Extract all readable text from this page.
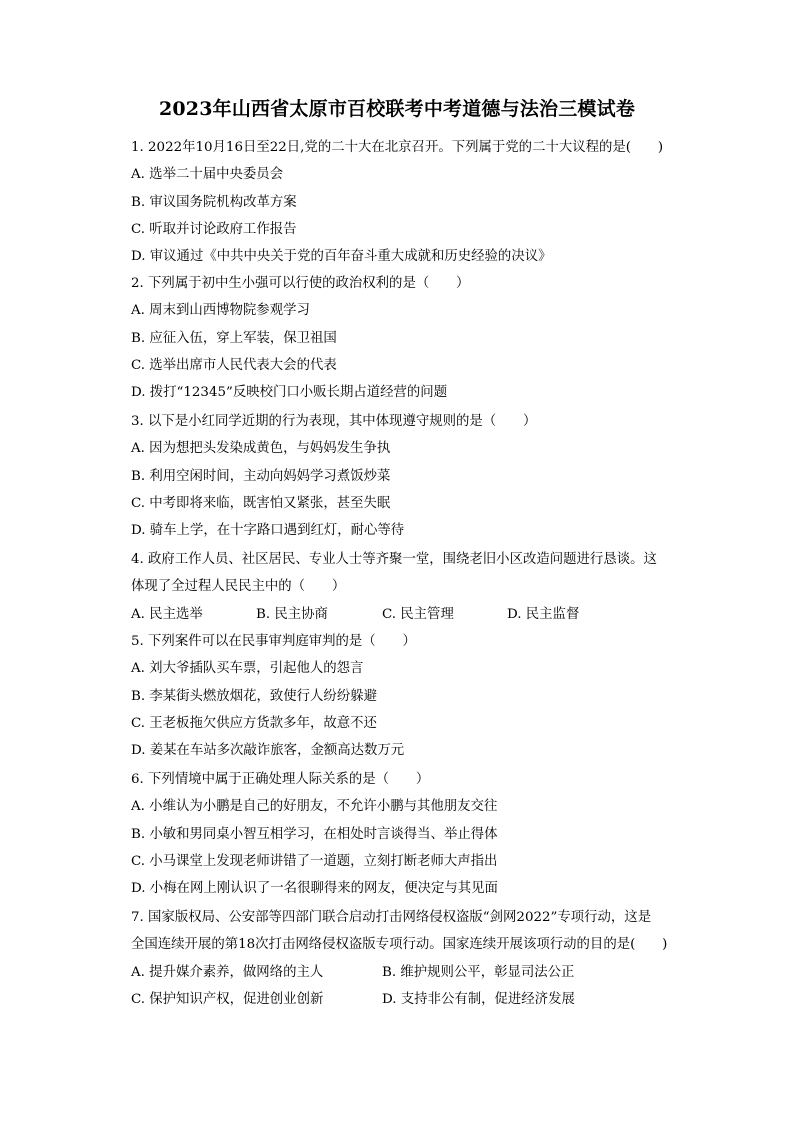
2023年山西省太原市百校联考中考道德与法治三模试卷
1. 2022年10月16日至22日,党的二十大在北京召开。下列属于党的二十大议程的是(　　)
A. 选举二十届中央委员会
B. 审议国务院机构改革方案
C. 听取并讨论政府工作报告
D. 审议通过《中共中央关于党的百年奋斗重大成就和历史经验的决议》
2. 下列属于初中生小强可以行使的政治权利的是（　　）
A. 周末到山西博物院参观学习
B. 应征入伍，穿上军装，保卫祖国
C. 选举出席市人民代表大会的代表
D. 拨打“12345”反映校门口小贩长期占道经营的问题
3. 以下是小红同学近期的行为表现，其中体现遵守规则的是（　　）
A. 因为想把头发染成黄色，与妈妈发生争执
B. 利用空闲时间，主动向妈妈学习煮饭炒菜
C. 中考即将来临，既害怕又紧张，甚至失眠
D. 骑车上学，在十字路口遇到红灯，耐心等待
4. 政府工作人员、社区居民、专业人士等齐聚一堂，围绕老旧小区改造问题进行恳谈。这
体现了全过程人民民主中的（　　）
A. 民主选举	B. 民主协商	C. 民主管理	D. 民主监督
5. 下列案件可以在民事审判庭审判的是（　　）
A. 刘大爷插队买车票，引起他人的怨言
B. 李某街头燃放烟花，致使行人纷纷躲避
C. 王老板拖欠供应方货款多年，故意不还
D. 姜某在车站多次敲诈旅客，金额高达数万元
6. 下列情境中属于正确处理人际关系的是（　　）
A. 小维认为小鹏是自己的好朋友，不允许小鹏与其他朋友交往
B. 小敏和男同桌小智互相学习，在相处时言谈得当、举止得体
C. 小马课堂上发现老师讲错了一道题，立刻打断老师大声指出
D. 小梅在网上刚认识了一名很聊得来的网友，便决定与其见面
7. 国家版权局、公安部等四部门联合启动打击网络侵权盗版“剑网2022”专项行动，这是
全国连续开展的第18次打击网络侵权盗版专项行动。国家连续开展该项行动的目的是(　　)
A. 提升媒介素养，做网络的主人	B. 维护规则公平，彰显司法公正
C. 保护知识产权，促进创业创新	D. 支持非公有制，促进经济发展
